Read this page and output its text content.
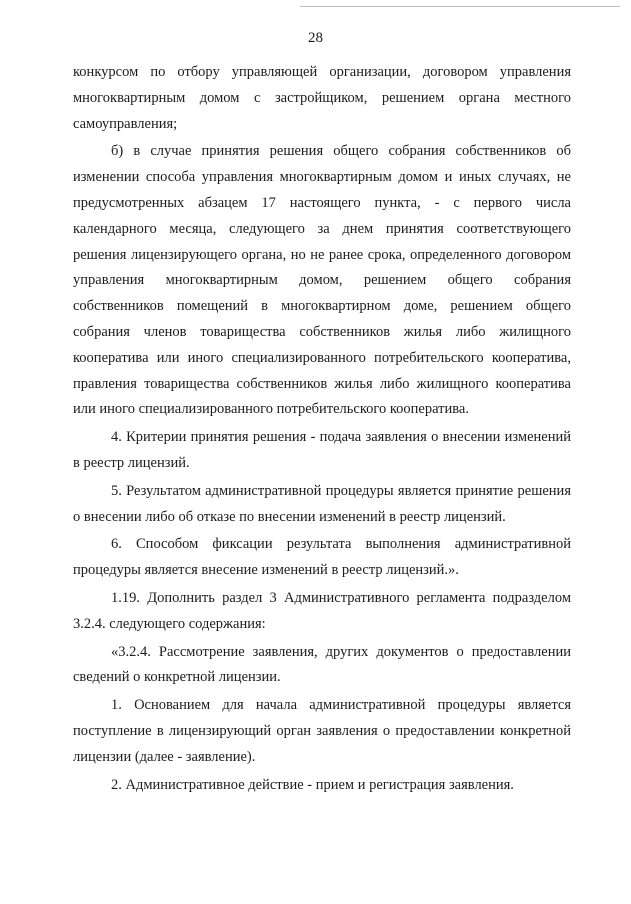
28

конкурсом по отбору управляющей организации, договором управления многоквартирным домом с застройщиком, решением органа местного самоуправления;

б) в случае принятия решения общего собрания собственников об изменении способа управления многоквартирным домом и иных случаях, не предусмотренных абзацем 17 настоящего пункта, - с первого числа календарного месяца, следующего за днем принятия соответствующего решения лицензирующего органа, но не ранее срока, определенного договором управления многоквартирным домом, решением общего собрания собственников помещений в многоквартирном доме, решением общего собрания членов товарищества собственников жилья либо жилищного кооператива или иного специализированного потребительского кооператива, правления товарищества собственников жилья либо жилищного кооператива или иного специализированного потребительского кооператива.

4. Критерии принятия решения - подача заявления о внесении изменений в реестр лицензий.

5. Результатом административной процедуры является принятие решения о внесении либо об отказе по внесении изменений в реестр лицензий.

6. Способом фиксации результата выполнения административной процедуры является внесение изменений в реестр лицензий.».

1.19. Дополнить раздел 3 Административного регламента подразделом 3.2.4. следующего содержания:

«3.2.4. Рассмотрение заявления, других документов о предоставлении сведений о конкретной лицензии.

1. Основанием для начала административной процедуры является поступление в лицензирующий орган заявления о предоставлении конкретной лицензии (далее - заявление).

2. Административное действие - прием и регистрация заявления.
